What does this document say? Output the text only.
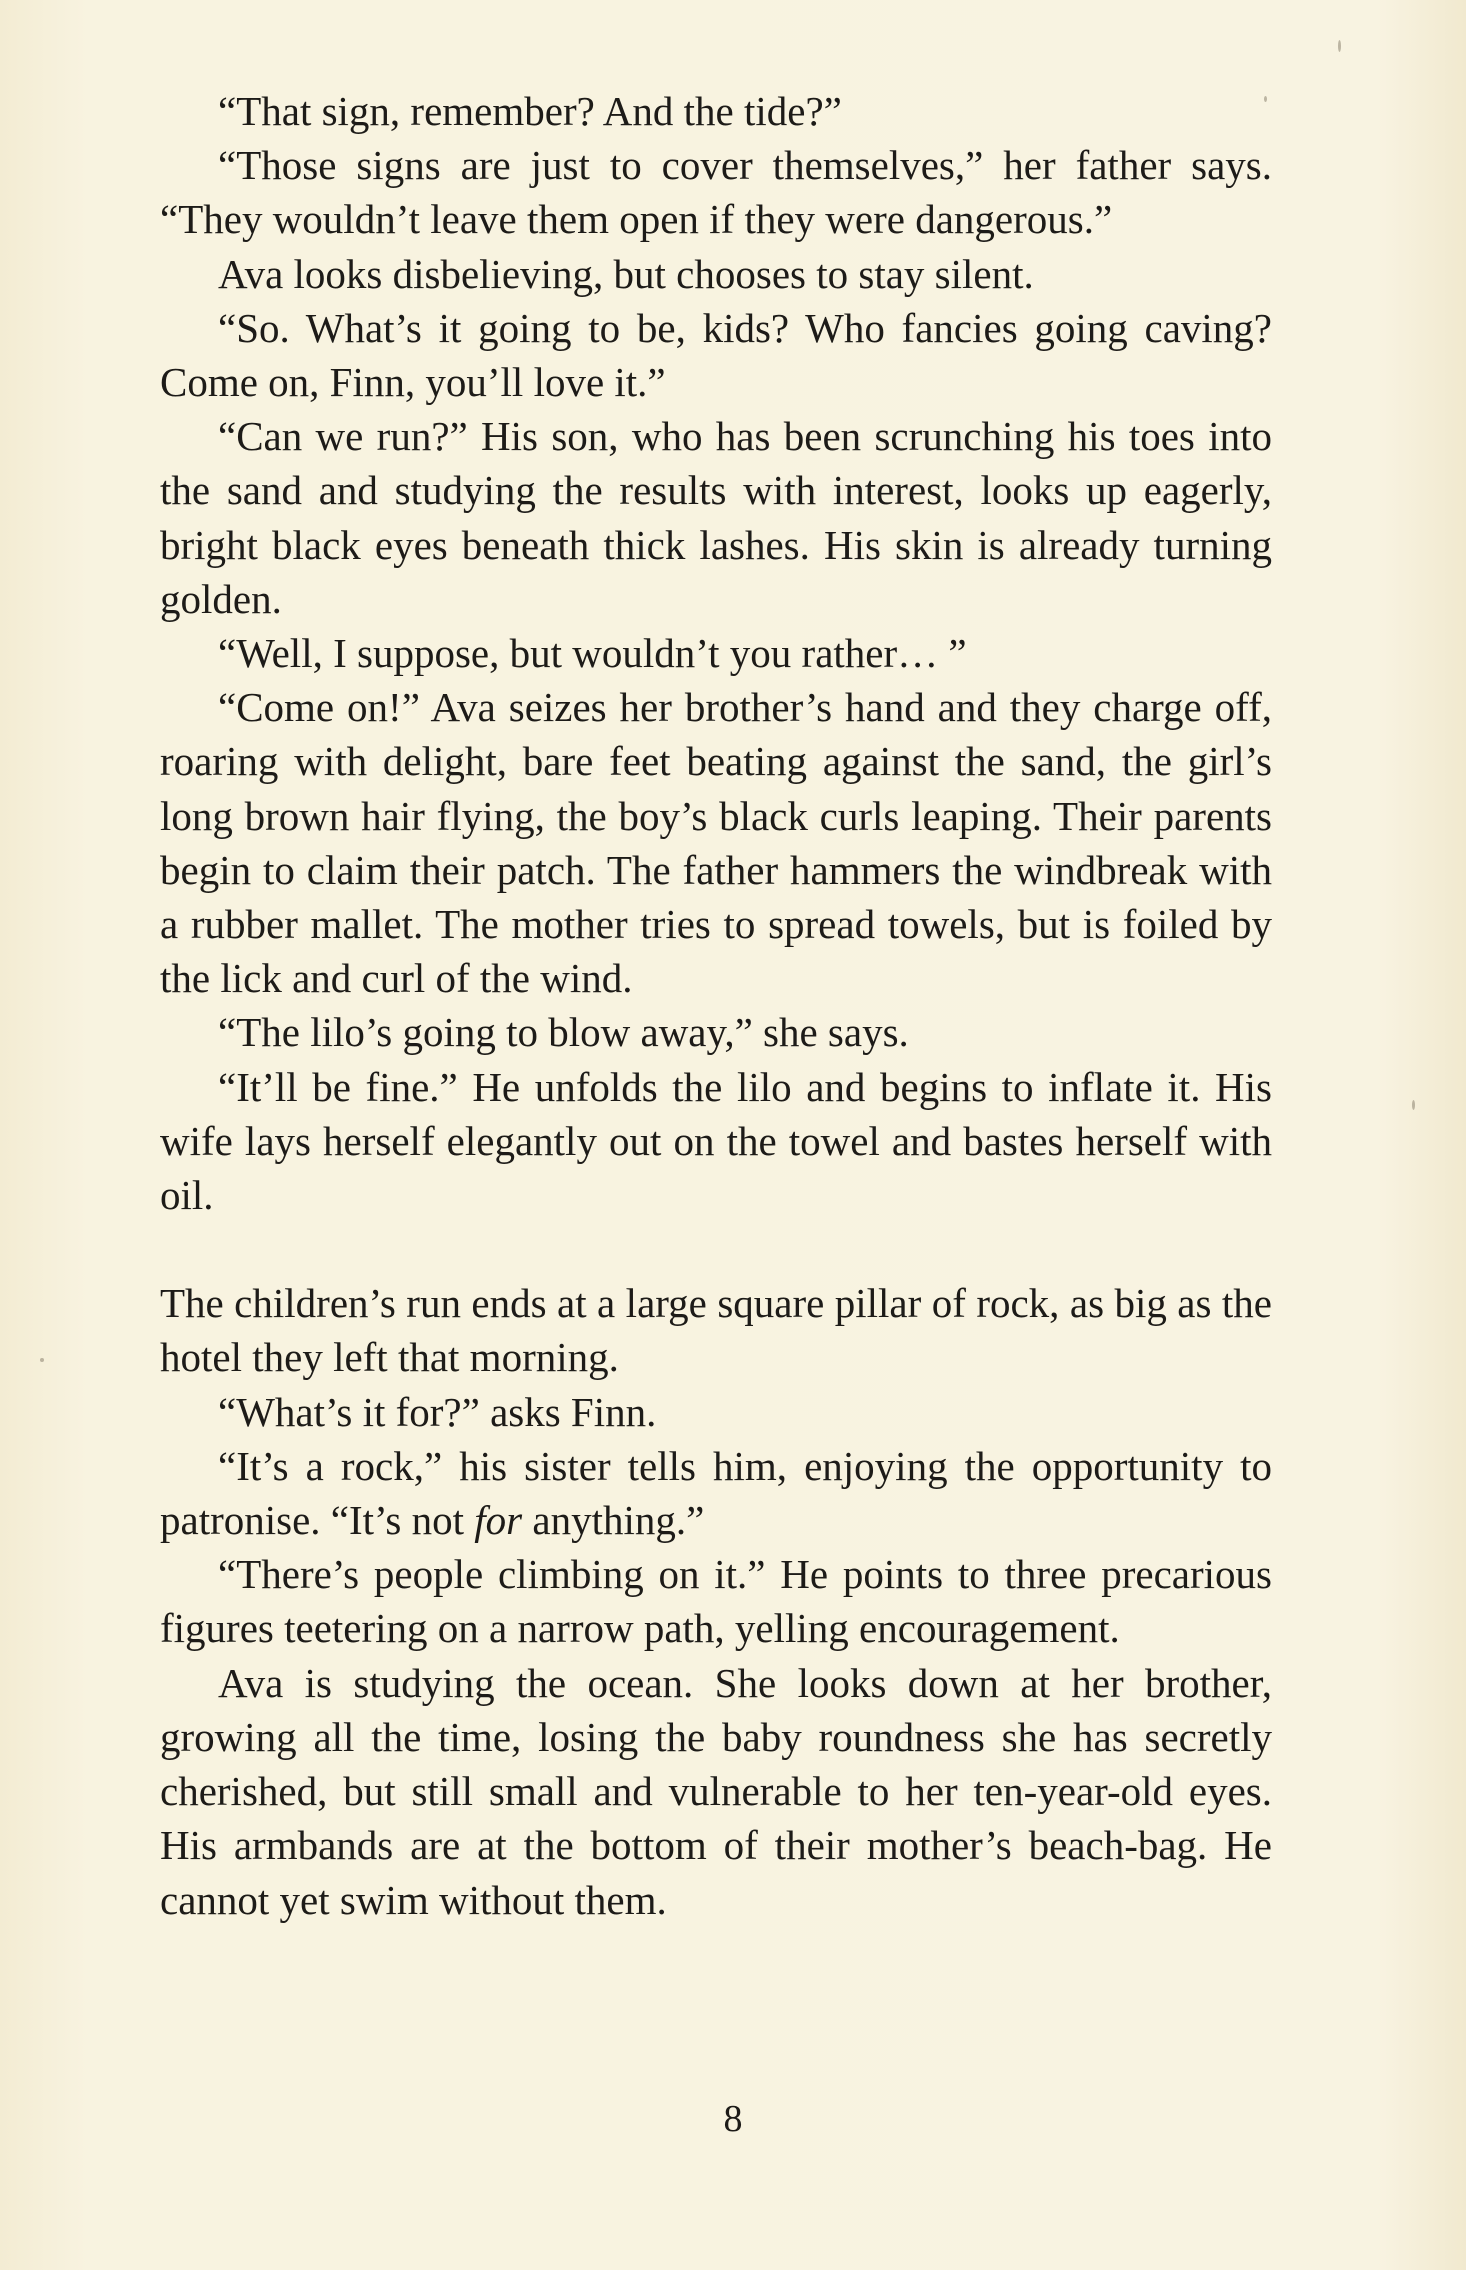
“That sign, remember? And the tide?”

“Those signs are just to cover themselves,” her father says. “They wouldn’t leave them open if they were dangerous.”

Ava looks disbelieving, but chooses to stay silent.

“So. What’s it going to be, kids? Who fancies going caving? Come on, Finn, you’ll love it.”

“Can we run?” His son, who has been scrunching his toes into the sand and studying the results with interest, looks up eagerly, bright black eyes beneath thick lashes. His skin is already turning golden.

“Well, I suppose, but wouldn’t you rather… ”

“Come on!” Ava seizes her brother’s hand and they charge off, roaring with delight, bare feet beating against the sand, the girl’s long brown hair flying, the boy’s black curls leaping. Their parents begin to claim their patch. The father hammers the windbreak with a rubber mallet. The mother tries to spread towels, but is foiled by the lick and curl of the wind.

“The lilo’s going to blow away,” she says.

“It’ll be fine.” He unfolds the lilo and begins to inflate it. His wife lays herself elegantly out on the towel and bastes herself with oil.

The children’s run ends at a large square pillar of rock, as big as the hotel they left that morning.

“What’s it for?” asks Finn.

“It’s a rock,” his sister tells him, enjoying the opportunity to patronise. “It’s not for anything.”

“There’s people climbing on it.” He points to three precarious figures teetering on a narrow path, yelling encouragement.

Ava is studying the ocean. She looks down at her brother, growing all the time, losing the baby roundness she has secretly cherished, but still small and vulnerable to her ten-year-old eyes. His armbands are at the bottom of their mother’s beach-bag. He cannot yet swim without them.

8
